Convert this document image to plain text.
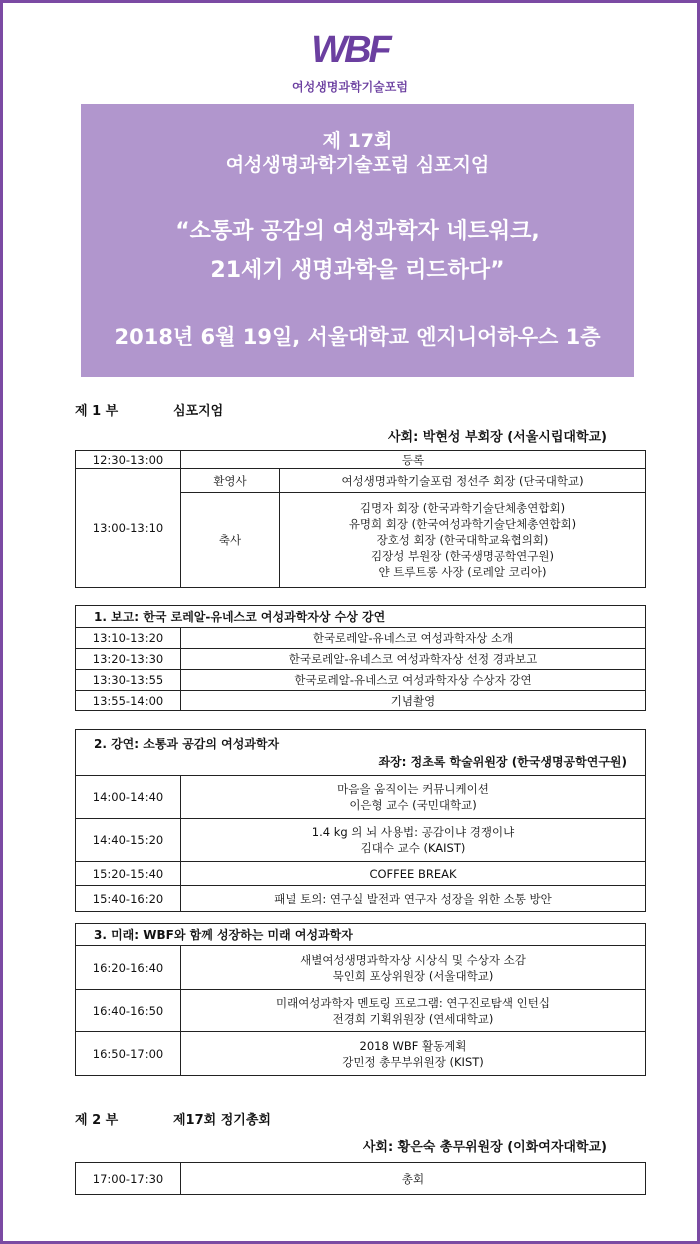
WBF
여성생명과학기술포럼
제 17회
여성생명과학기술포럼 심포지엄
“소통과 공감의 여성과학자 네트워크,
21세기 생명과학을 리드하다”
2018년 6월 19일, 서울대학교 엔지니어하우스 1층
제 1 부	심포지엄
사회: 박현성 부회장 (서울시립대학교)
12:30-13:00	등록	
13:00-13:10	환영사	여성생명과학기술포럼 정선주 회장 (단국대학교)
	축사	김명자 회장 (한국과학기술단체총연합회)
유명희 회장 (한국여성과학기술단체총연합회)
장호성 회장 (한국대학교육협의회)
김장성 부원장 (한국생명공학연구원)
얀 트루트롱 사장 (로레알 코리아)
1. 보고: 한국 로레알-유네스코 여성과학자상 수상 강연	
13:10-13:20	한국로레알-유네스코 여성과학자상 소개
13:20-13:30	한국로레알-유네스코 여성과학자상 선정 경과보고
13:30-13:55	한국로레알-유네스코 여성과학자상 수상자 강연
13:55-14:00	기념촬영
2. 강연: 소통과 공감의 여성과학자
좌장: 정초록 학술위원장 (한국생명공학연구원)	

14:00-14:40	마음을 움직이는 커뮤니케이션
이은형 교수 (국민대학교)

14:40-15:20	1.4 kg 의 뇌 사용법: 공감이냐 경쟁이냐
김대수 교수 (KAIST)

15:20-15:40	COFFEE BREAK
15:40-16:20	패널 토의: 연구실 발전과 연구자 성장을 위한 소통 방안
3. 미래: WBF와 함께 성장하는 미래 여성과학자	
16:20-16:40	새별여성생명과학자상 시상식 및 수상자 소감
묵인희 포상위원장 (서울대학교)

16:40-16:50	미래여성과학자 멘토링 프로그램: 연구진로탐색 인턴십
전경희 기획위원장 (연세대학교)

16:50-17:00	2018 WBF 활동계획
강민정 총무부위원장 (KIST)
제 2 부	제17회 정기총회
사회: 황은숙 총무위원장 (이화여자대학교)
17:00-17:30	총회
